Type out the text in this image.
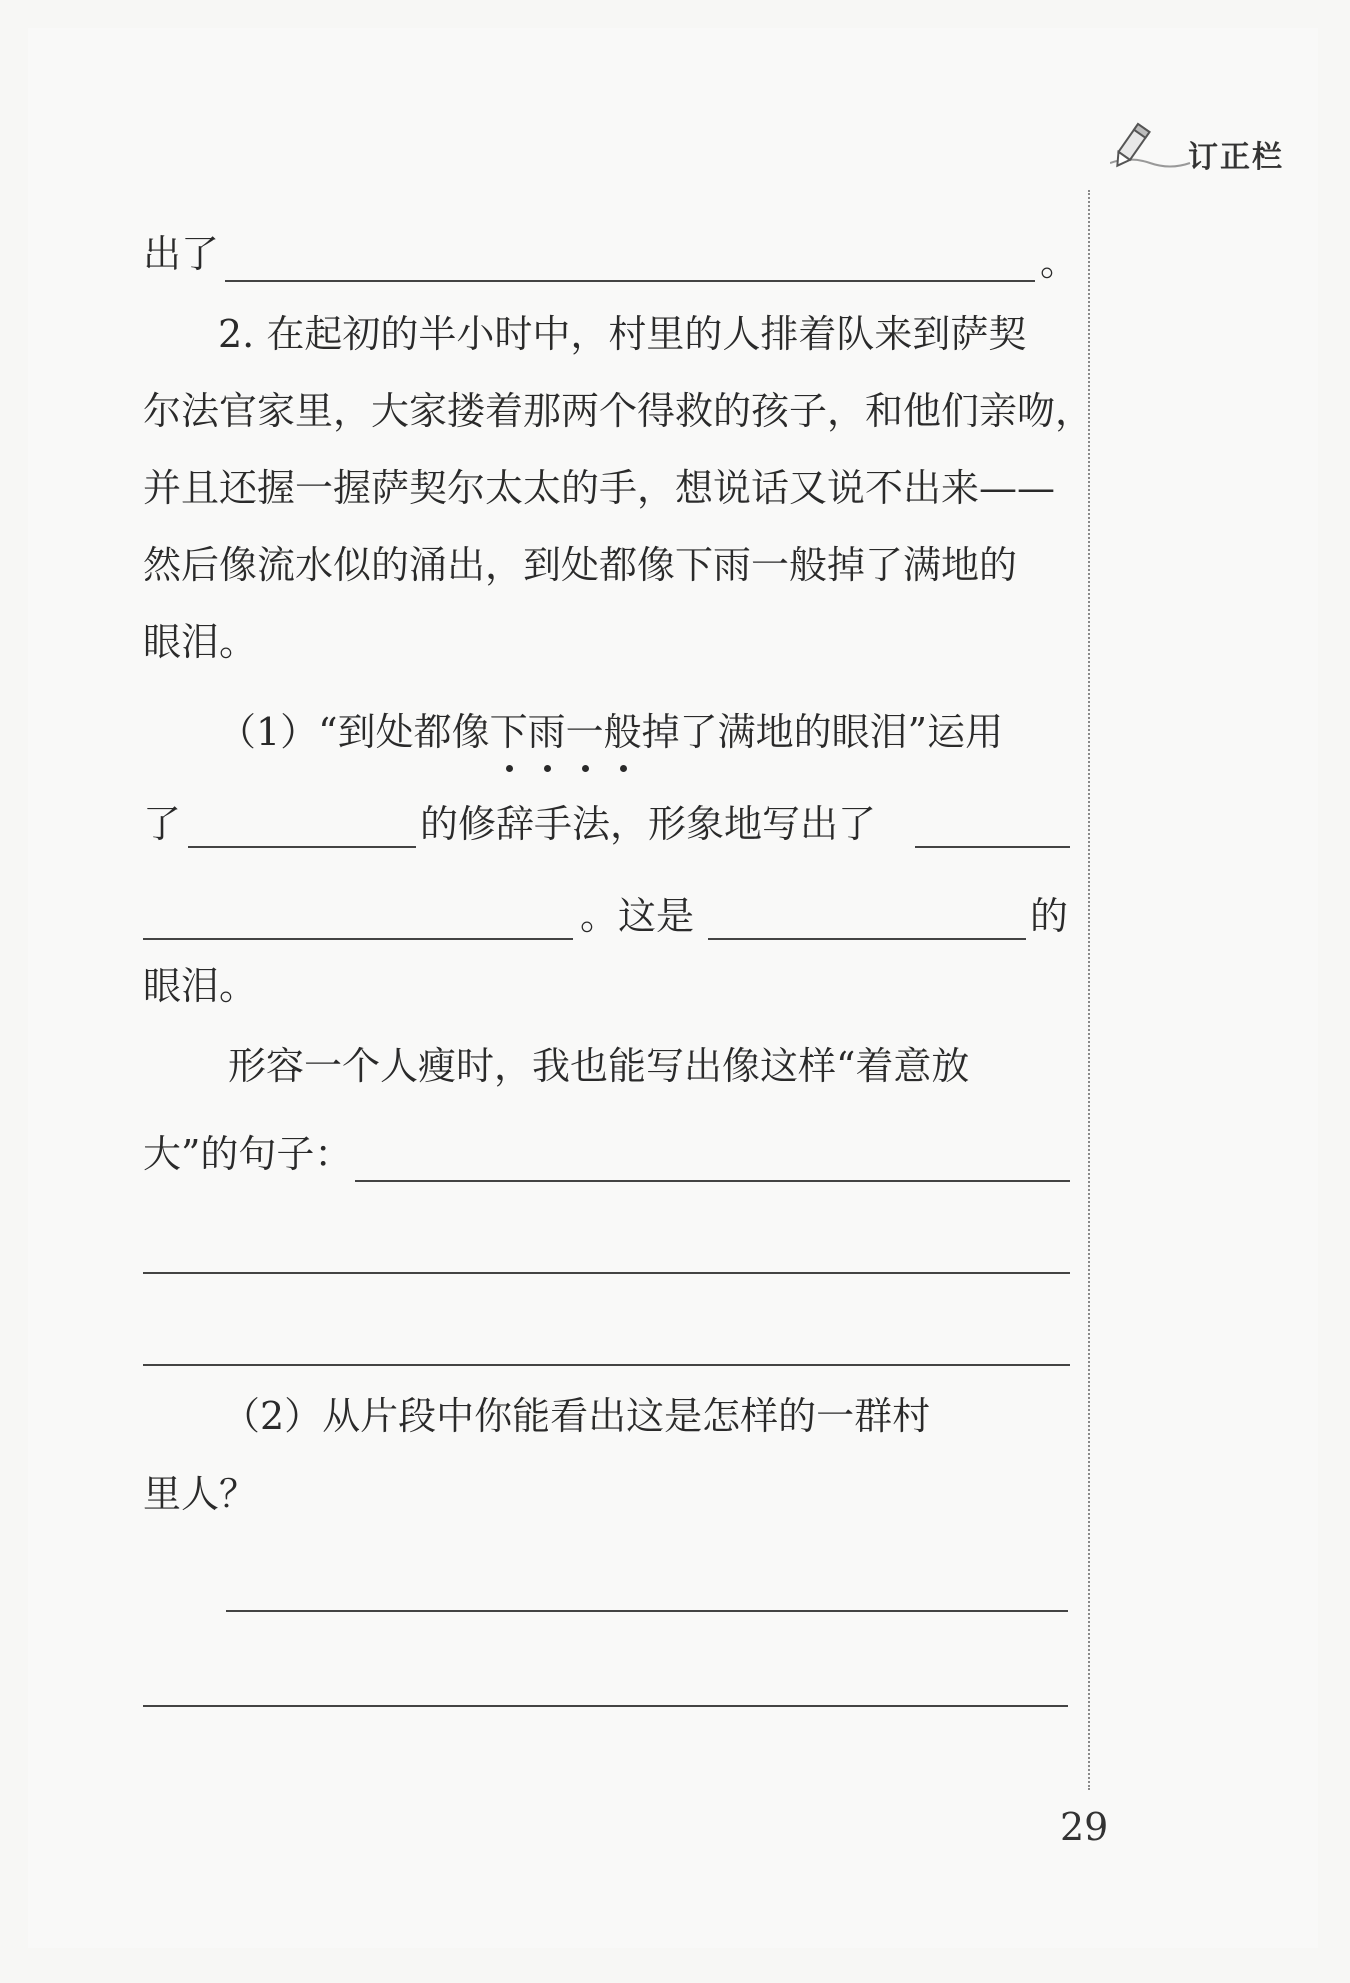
订正栏
出了	。
2. 在起初的半小时中，村里的人排着队来到萨契
尔法官家里，大家搂着那两个得救的孩子，和他们亲吻，
并且还握一握萨契尔太太的手，想说话又说不出来——
然后像流水似的涌出，到处都像下雨一般掉了满地的
眼泪。
（1）“到处都像下雨一般掉了满地的眼泪”运用
了	的修辞手法，形象地写出了
。这是	的
眼泪。
形容一个人瘦时，我也能写出像这样“着意放
大”的句子：
（2）从片段中你能看出这是怎样的一群村
里人？
29
